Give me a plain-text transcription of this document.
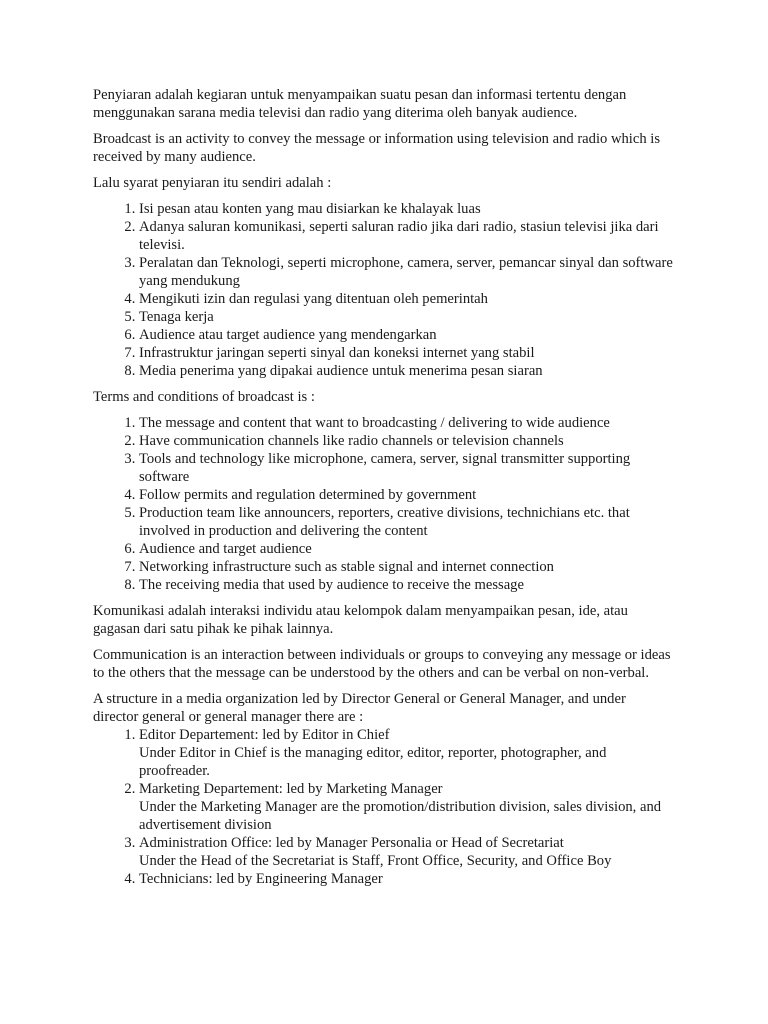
Penyiaran adalah kegiaran untuk menyampaikan suatu pesan dan informasi tertentu dengan menggunakan sarana media televisi dan radio yang diterima oleh banyak audience.

Broadcast is an activity to convey the message or information using television and radio which is received by many audience.

Lalu syarat penyiaran itu sendiri adalah :

1. Isi pesan atau konten yang mau disiarkan ke khalayak luas
2. Adanya saluran komunikasi, seperti saluran radio jika dari radio, stasiun televisi jika dari televisi.
3. Peralatan dan Teknologi, seperti microphone, camera, server, pemancar sinyal dan software yang mendukung
4. Mengikuti izin dan regulasi yang ditentuan oleh pemerintah
5. Tenaga kerja
6. Audience atau target audience yang mendengarkan
7. Infrastruktur jaringan seperti sinyal dan koneksi internet yang stabil
8. Media penerima yang dipakai audience untuk menerima pesan siaran

Terms and conditions of broadcast is :

1. The message and content that want to broadcasting / delivering to wide audience
2. Have communication channels like radio channels or television channels
3. Tools and technology like microphone, camera, server, signal transmitter supporting software
4. Follow permits and regulation determined by government
5. Production team like announcers, reporters, creative divisions, technichians etc. that involved in production and delivering the content
6. Audience and target audience
7. Networking infrastructure such as stable signal and internet connection
8. The receiving media that used by audience to receive the message

Komunikasi adalah interaksi individu atau kelompok dalam menyampaikan pesan, ide, atau gagasan dari satu pihak ke pihak lainnya.

Communication is an interaction between individuals or groups to conveying any message or ideas to the others that the message can be understood by the others and can be verbal on non-verbal.

A structure in a media organization led by Director General or General Manager, and under director general or general manager there are :

1. Editor Departement: led by Editor in Chief
Under Editor in Chief is the managing editor, editor, reporter, photographer, and proofreader.
2. Marketing Departement: led by Marketing Manager
Under the Marketing Manager are the promotion/distribution division, sales division, and advertisement division
3. Administration Office: led by Manager Personalia or Head of Secretariat
Under the Head of the Secretariat is Staff, Front Office, Security, and Office Boy
4. Technicians: led by Engineering Manager
